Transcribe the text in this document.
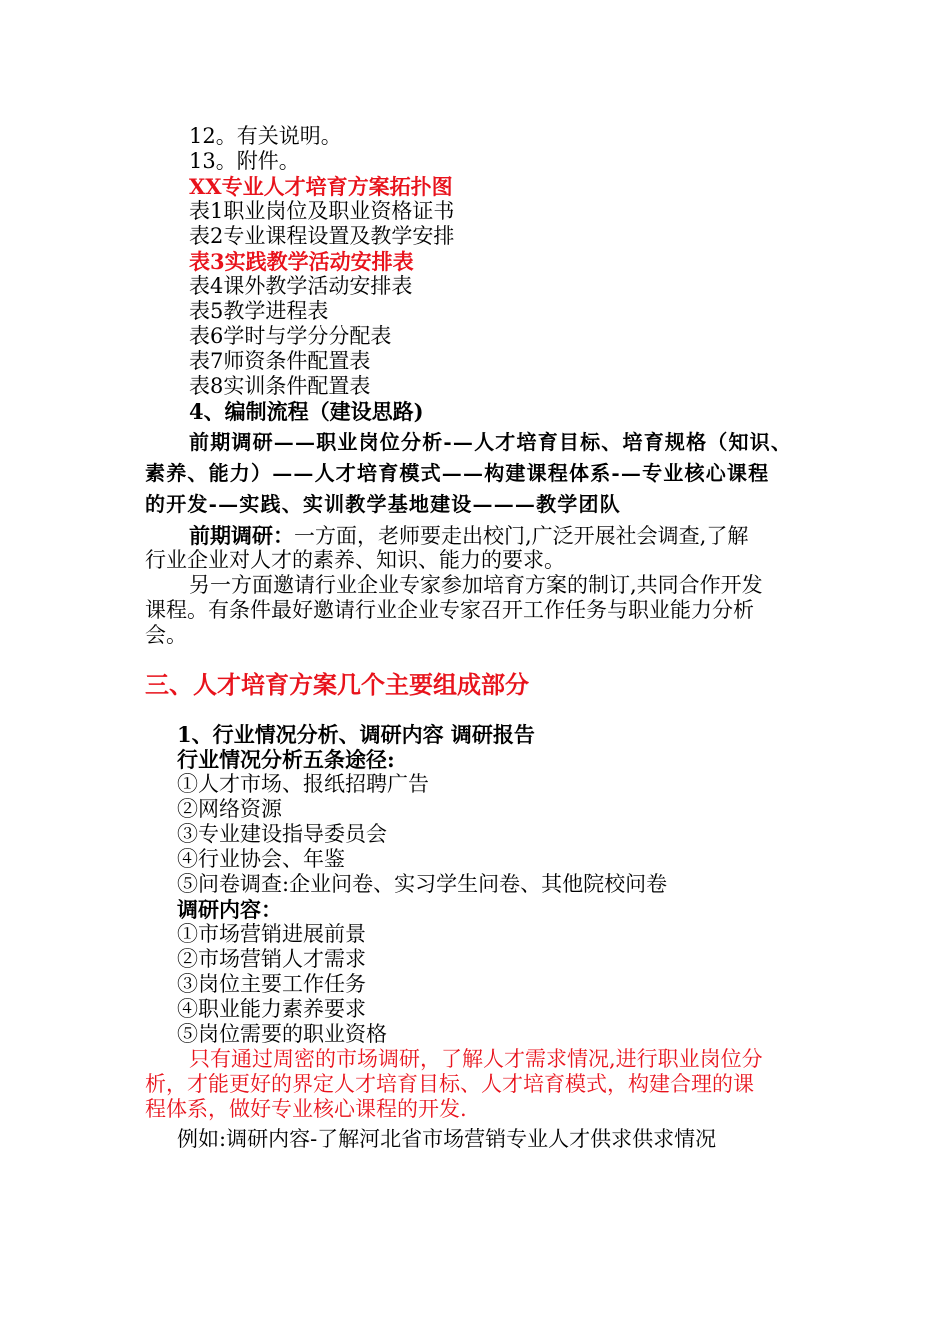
12。有关说明。
13。附件。
XX专业人才培育方案拓扑图
表1职业岗位及职业资格证书
表2专业课程设置及教学安排
表3实践教学活动安排表
表4课外教学活动安排表
表5教学进程表
表6学时与学分分配表
表7师资条件配置表
表8实训条件配置表
4、编制流程（建设思路)
前期调研——职业岗位分析-—人才培育目标、培育规格（知识、
素养、能力）——人才培育模式——构建课程体系-—专业核心课程
的开发-—实践、实训教学基地建设———教学团队
前期调研：一方面，老师要走出校门,广泛开展社会调查,了解
行业企业对人才的素养、知识、能力的要求。
另一方面邀请行业企业专家参加培育方案的制订,共同合作开发
课程。有条件最好邀请行业企业专家召开工作任务与职业能力分析
会。
三、人才培育方案几个主要组成部分
1、行业情况分析、调研内容 调研报告
行业情况分析五条途径:
①人才市场、报纸招聘广告
②网络资源
③专业建设指导委员会
④行业协会、年鉴
⑤问卷调查:企业问卷、实习学生问卷、其他院校问卷
调研内容：
①市场营销进展前景
②市场营销人才需求
③岗位主要工作任务
④职业能力素养要求
⑤岗位需要的职业资格
只有通过周密的市场调研，了解人才需求情况,进行职业岗位分
析，才能更好的界定人才培育目标、人才培育模式，构建合理的课
程体系，做好专业核心课程的开发.
例如:调研内容-了解河北省市场营销专业人才供求供求情况
